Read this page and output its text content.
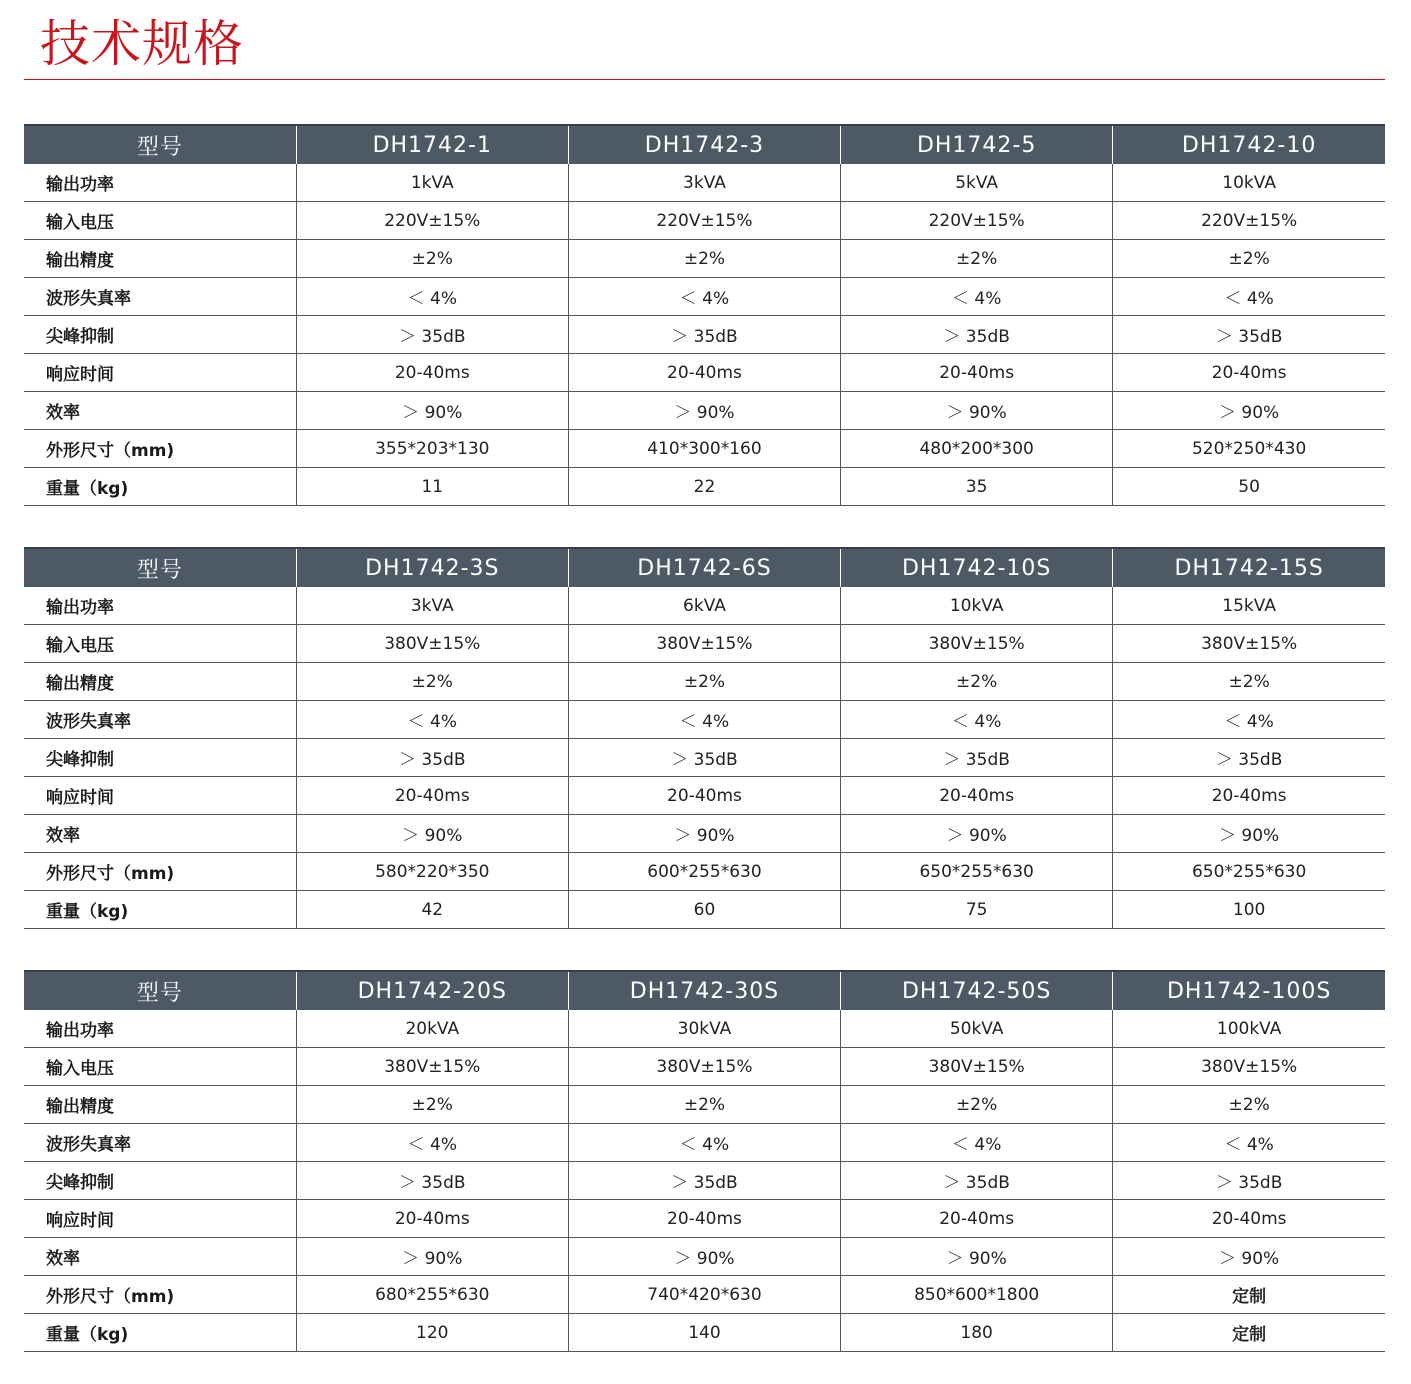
技术规格
型号	DH1742-1	DH1742-3	DH1742-5	DH1742-10
输出功率	1kVA	3kVA	5kVA	10kVA
输入电压	220V±15%	220V±15%	220V±15%	220V±15%
输出精度	±2%	±2%	±2%	±2%
波形失真率	＜ 4%	＜ 4%	＜ 4%	＜ 4%
尖峰抑制	＞ 35dB	＞ 35dB	＞ 35dB	＞ 35dB
响应时间	20-40ms	20-40ms	20-40ms	20-40ms
效率	＞ 90%	＞ 90%	＞ 90%	＞ 90%
外形尺寸（mm)	355*203*130	410*300*160	480*200*300	520*250*430
重量（kg)	11	22	35	50
型号	DH1742-3S	DH1742-6S	DH1742-10S	DH1742-15S
输出功率	3kVA	6kVA	10kVA	15kVA
输入电压	380V±15%	380V±15%	380V±15%	380V±15%
输出精度	±2%	±2%	±2%	±2%
波形失真率	＜ 4%	＜ 4%	＜ 4%	＜ 4%
尖峰抑制	＞ 35dB	＞ 35dB	＞ 35dB	＞ 35dB
响应时间	20-40ms	20-40ms	20-40ms	20-40ms
效率	＞ 90%	＞ 90%	＞ 90%	＞ 90%
外形尺寸（mm)	580*220*350	600*255*630	650*255*630	650*255*630
重量（kg)	42	60	75	100
型号	DH1742-20S	DH1742-30S	DH1742-50S	DH1742-100S
输出功率	20kVA	30kVA	50kVA	100kVA
输入电压	380V±15%	380V±15%	380V±15%	380V±15%
输出精度	±2%	±2%	±2%	±2%
波形失真率	＜ 4%	＜ 4%	＜ 4%	＜ 4%
尖峰抑制	＞ 35dB	＞ 35dB	＞ 35dB	＞ 35dB
响应时间	20-40ms	20-40ms	20-40ms	20-40ms
效率	＞ 90%	＞ 90%	＞ 90%	＞ 90%
外形尺寸（mm)	680*255*630	740*420*630	850*600*1800	定制
重量（kg)	120	140	180	定制
